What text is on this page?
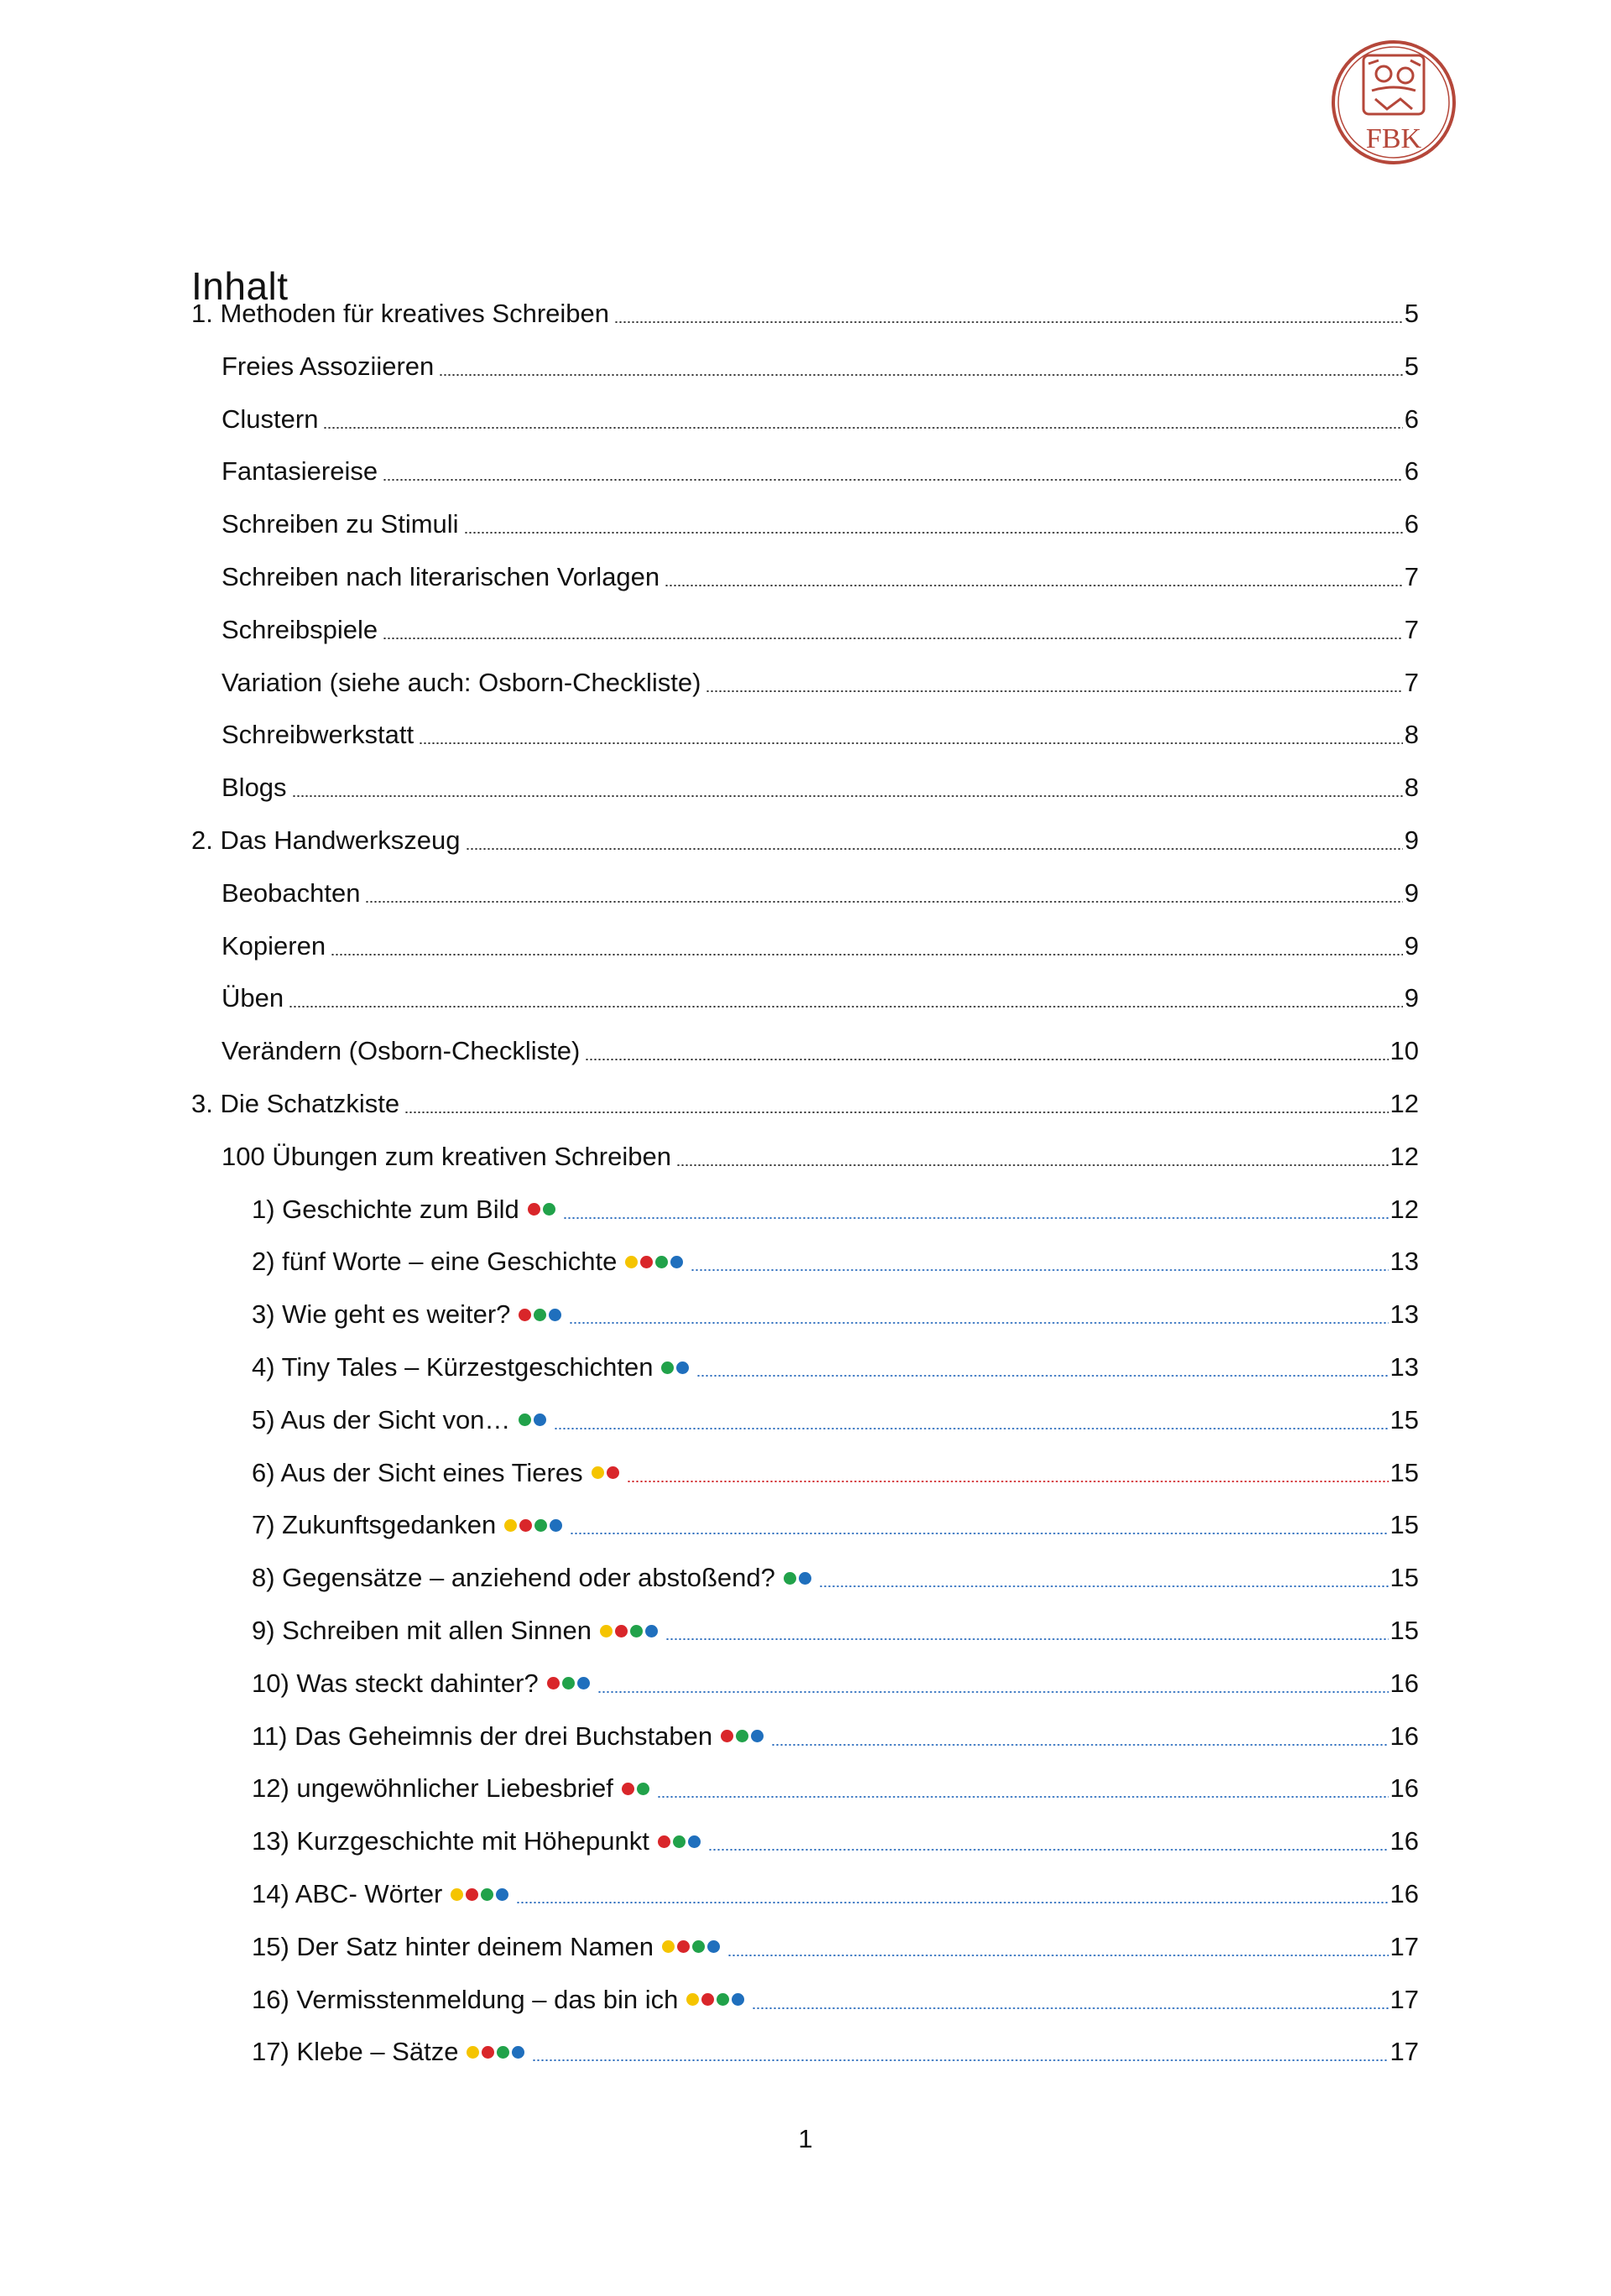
FBK
Inhalt
1. Methoden für kreatives Schreiben	5
Freies Assoziieren	5
Clustern	6
Fantasiereise	6
Schreiben zu Stimuli	6
Schreiben nach literarischen Vorlagen	7
Schreibspiele	7
Variation (siehe auch: Osborn-Checkliste)	7
Schreibwerkstatt	8
Blogs	8
2. Das Handwerkszeug	9
Beobachten	9
Kopieren	9
Üben	9
Verändern (Osborn-Checkliste)	10
3. Die Schatzkiste	12
100 Übungen zum kreativen Schreiben	12
1) Geschichte zum Bild	12
2) fünf Worte – eine Geschichte	13
3) Wie geht es weiter?	13
4) Tiny Tales – Kürzestgeschichten	13
5) Aus der Sicht von…	15
6) Aus der Sicht eines Tieres	15
7) Zukunftsgedanken	15
8) Gegensätze – anziehend oder abstoßend?	15
9) Schreiben mit allen Sinnen	15
10) Was steckt dahinter?	16
11) Das Geheimnis der drei Buchstaben	16
12) ungewöhnlicher Liebesbrief	16
13) Kurzgeschichte mit Höhepunkt	16
14) ABC- Wörter	16
15) Der Satz hinter deinem Namen	17
16) Vermisstenmeldung – das bin ich	17
17) Klebe – Sätze	17
1
